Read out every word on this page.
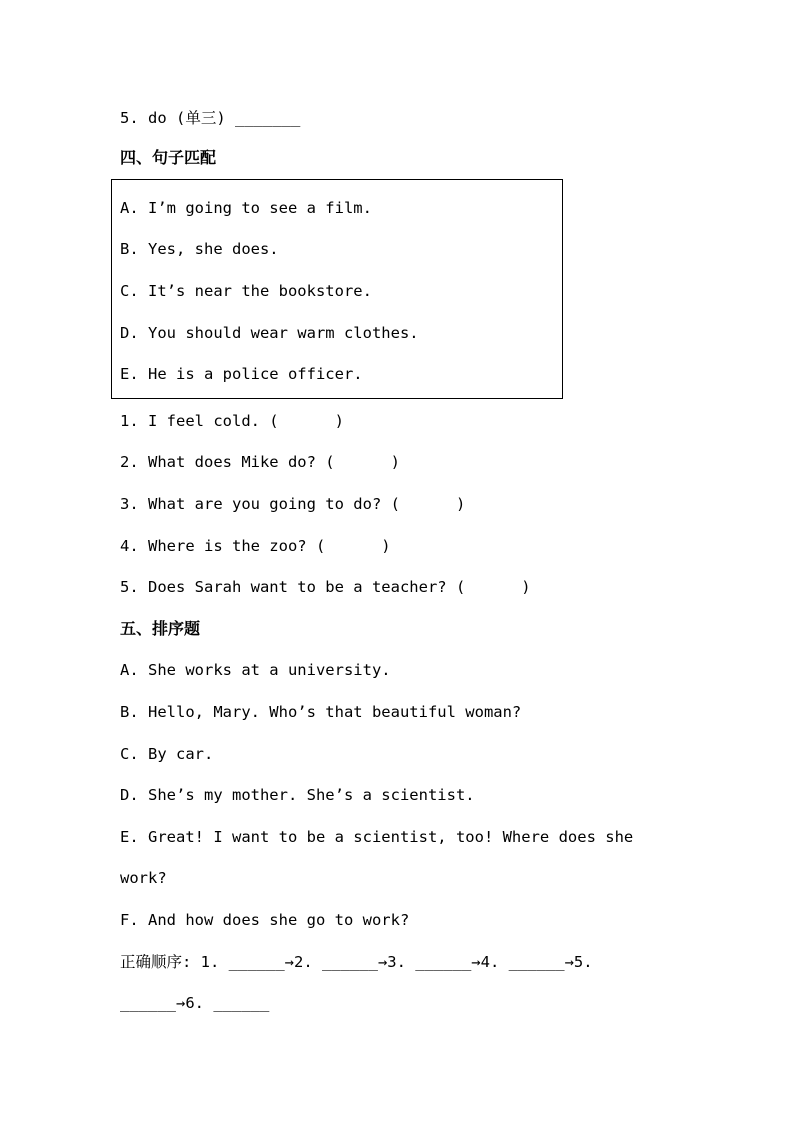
5. do (单三) _______
四、句子匹配
A. I’m going to see a film.
B. Yes, she does.
C. It’s near the bookstore.
D. You should wear warm clothes.
E. He is a police officer.
1. I feel cold. (      )
2. What does Mike do? (      )
3. What are you going to do? (      )
4. Where is the zoo? (      )
5. Does Sarah want to be a teacher? (      )
五、排序题
A. She works at a university.
B. Hello, Mary. Who’s that beautiful woman?
C. By car.
D. She’s my mother. She’s a scientist.
E. Great! I want to be a scientist, too! Where does she
work?
F. And how does she go to work?
正确顺序: 1. ______→2. ______→3. ______→4. ______→5.
______→6. ______
